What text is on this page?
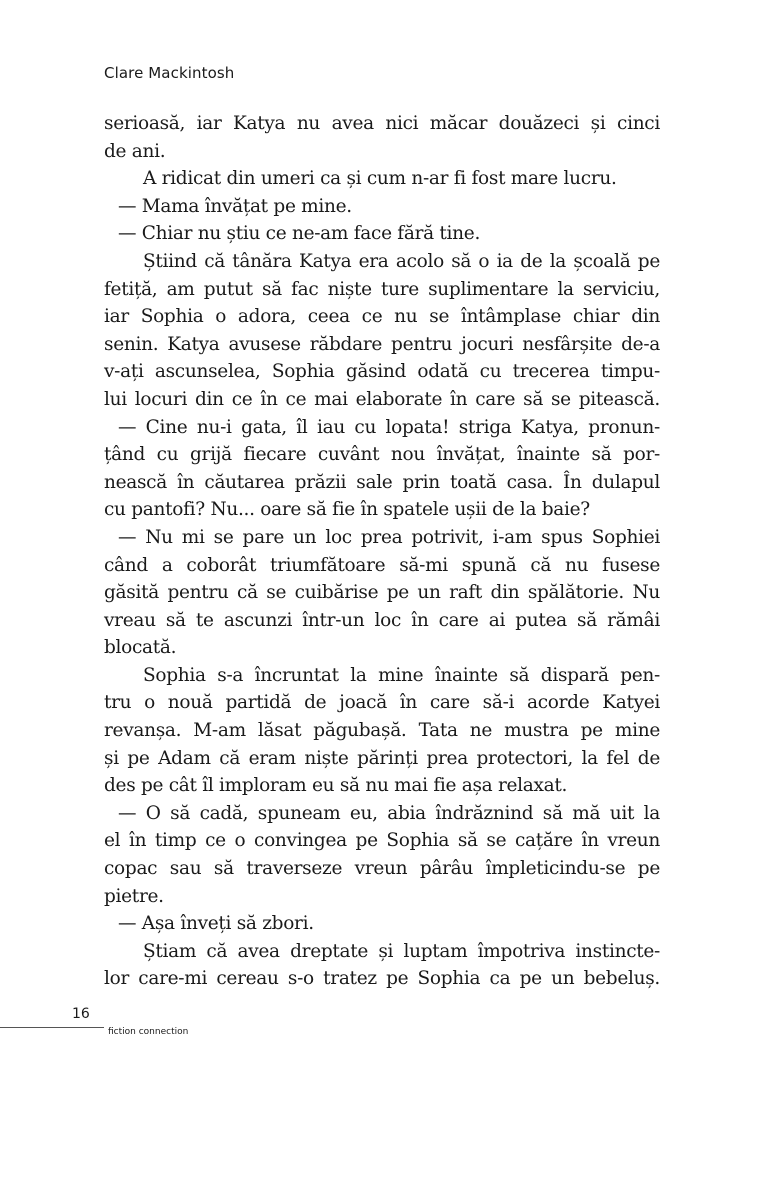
Clare Mackintosh
serioasă, iar Katya nu avea nici măcar douăzeci și cinci
de ani.
A ridicat din umeri ca și cum n-ar fi fost mare lucru.
— Mama învățat pe mine.
— Chiar nu știu ce ne-am face fără tine.
Știind că tânăra Katya era acolo să o ia de la școală pe
fetiță, am putut să fac niște ture suplimentare la serviciu,
iar Sophia o adora, ceea ce nu se întâmplase chiar din
senin. Katya avusese răbdare pentru jocuri nesfârșite de-a
v-ați ascunselea, Sophia găsind odată cu trecerea timpu-
lui locuri din ce în ce mai elaborate în care să se pitească.
— Cine nu-i gata, îl iau cu lopata! striga Katya, pronun-
țând cu grijă fiecare cuvânt nou învățat, înainte să por-
nească în căutarea prăzii sale prin toată casa. În dulapul
cu pantofi? Nu... oare să fie în spatele ușii de la baie?
— Nu mi se pare un loc prea potrivit, i-am spus Sophiei
când a coborât triumfătoare să-mi spună că nu fusese
găsită pentru că se cuibărise pe un raft din spălătorie. Nu
vreau să te ascunzi într-un loc în care ai putea să rămâi
blocată.
Sophia s-a încruntat la mine înainte să dispară pen-
tru o nouă partidă de joacă în care să-i acorde Katyei
revanșa. M-am lăsat păgubașă. Tata ne mustra pe mine
și pe Adam că eram niște părinți prea protectori, la fel de
des pe cât îl imploram eu să nu mai fie așa relaxat.
— O să cadă, spuneam eu, abia îndrăznind să mă uit la
el în timp ce o convingea pe Sophia să se cațăre în vreun
copac sau să traverseze vreun pârâu împleticindu-se pe
pietre.
— Așa înveți să zbori.
Știam că avea dreptate și luptam împotriva instincte-
lor care-mi cereau s-o tratez pe Sophia ca pe un bebeluș.
16
fiction connection
